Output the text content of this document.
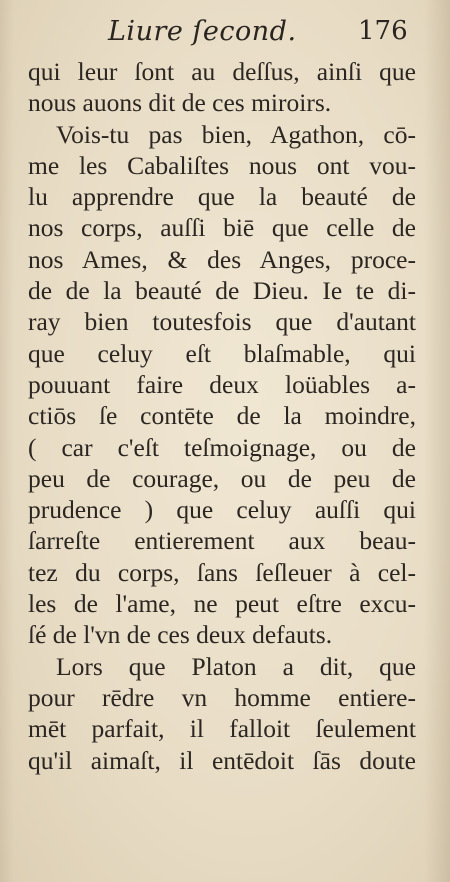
Liure ſecond. 176
qui leur ſont au deſſus, ainſi que
nous auons dit de ces miroirs.
Vois-tu pas bien, Agathon, cō-
me les Cabaliſtes nous ont vou-
lu apprendre que la beauté de
nos corps, auſſi biē que celle de
nos Ames, & des Anges, proce-
de de la beauté de Dieu. Ie te di-
ray bien toutesfois que d'autant
que celuy eſt blaſmable, qui
pouuant faire deux loüables a-
ctiōs ſe contēte de la moindre,
( car c'eſt teſmoignage, ou de
peu de courage, ou de peu de
prudence ) que celuy auſſi qui
ſarreſte entierement aux beau-
tez du corps, ſans ſeſleuer à cel-
les de l'ame, ne peut eſtre excu-
ſé de l'vn de ces deux defauts.
Lors que Platon a dit, que
pour rēdre vn homme entiere-
mēt parfait, il falloit ſeulement
qu'il aimaſt, il entēdoit ſās doute
